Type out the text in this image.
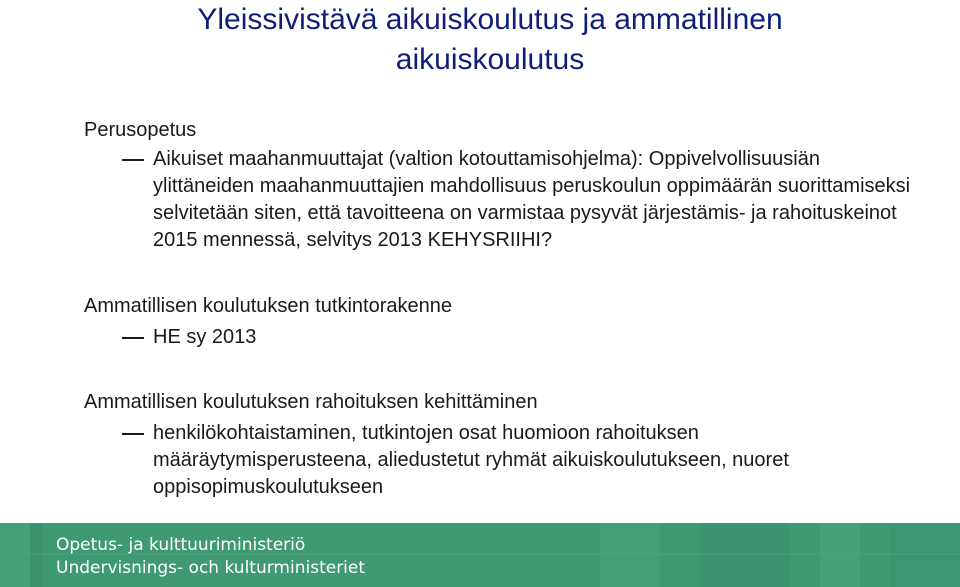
Yleissivistävä aikuiskoulutus ja ammatillinen
aikuiskoulutus

Perusopetus

Aikuiset maahanmuuttajat (valtion kotouttamisohjelma): Oppivelvollisuusiän ylittäneiden maahanmuuttajien mahdollisuus peruskoulun oppimäärän suorittamiseksi selvitetään siten, että tavoitteena on varmistaa pysyvät järjestämis- ja rahoituskeinot 2015 mennessä, selvitys 2013 KEHYSRIIHI?

Ammatillisen koulutuksen tutkintorakenne

HE sy 2013

Ammatillisen koulutuksen rahoituksen kehittäminen

henkilökohtaistaminen, tutkintojen osat huomioon rahoituksen määräytymisperusteena, aliedustetut ryhmät aikuiskoulutukseen, nuoret oppisopimuskoulutukseen

Opetus- ja kulttuuriministeriö

Undervisnings- och kulturministeriet
